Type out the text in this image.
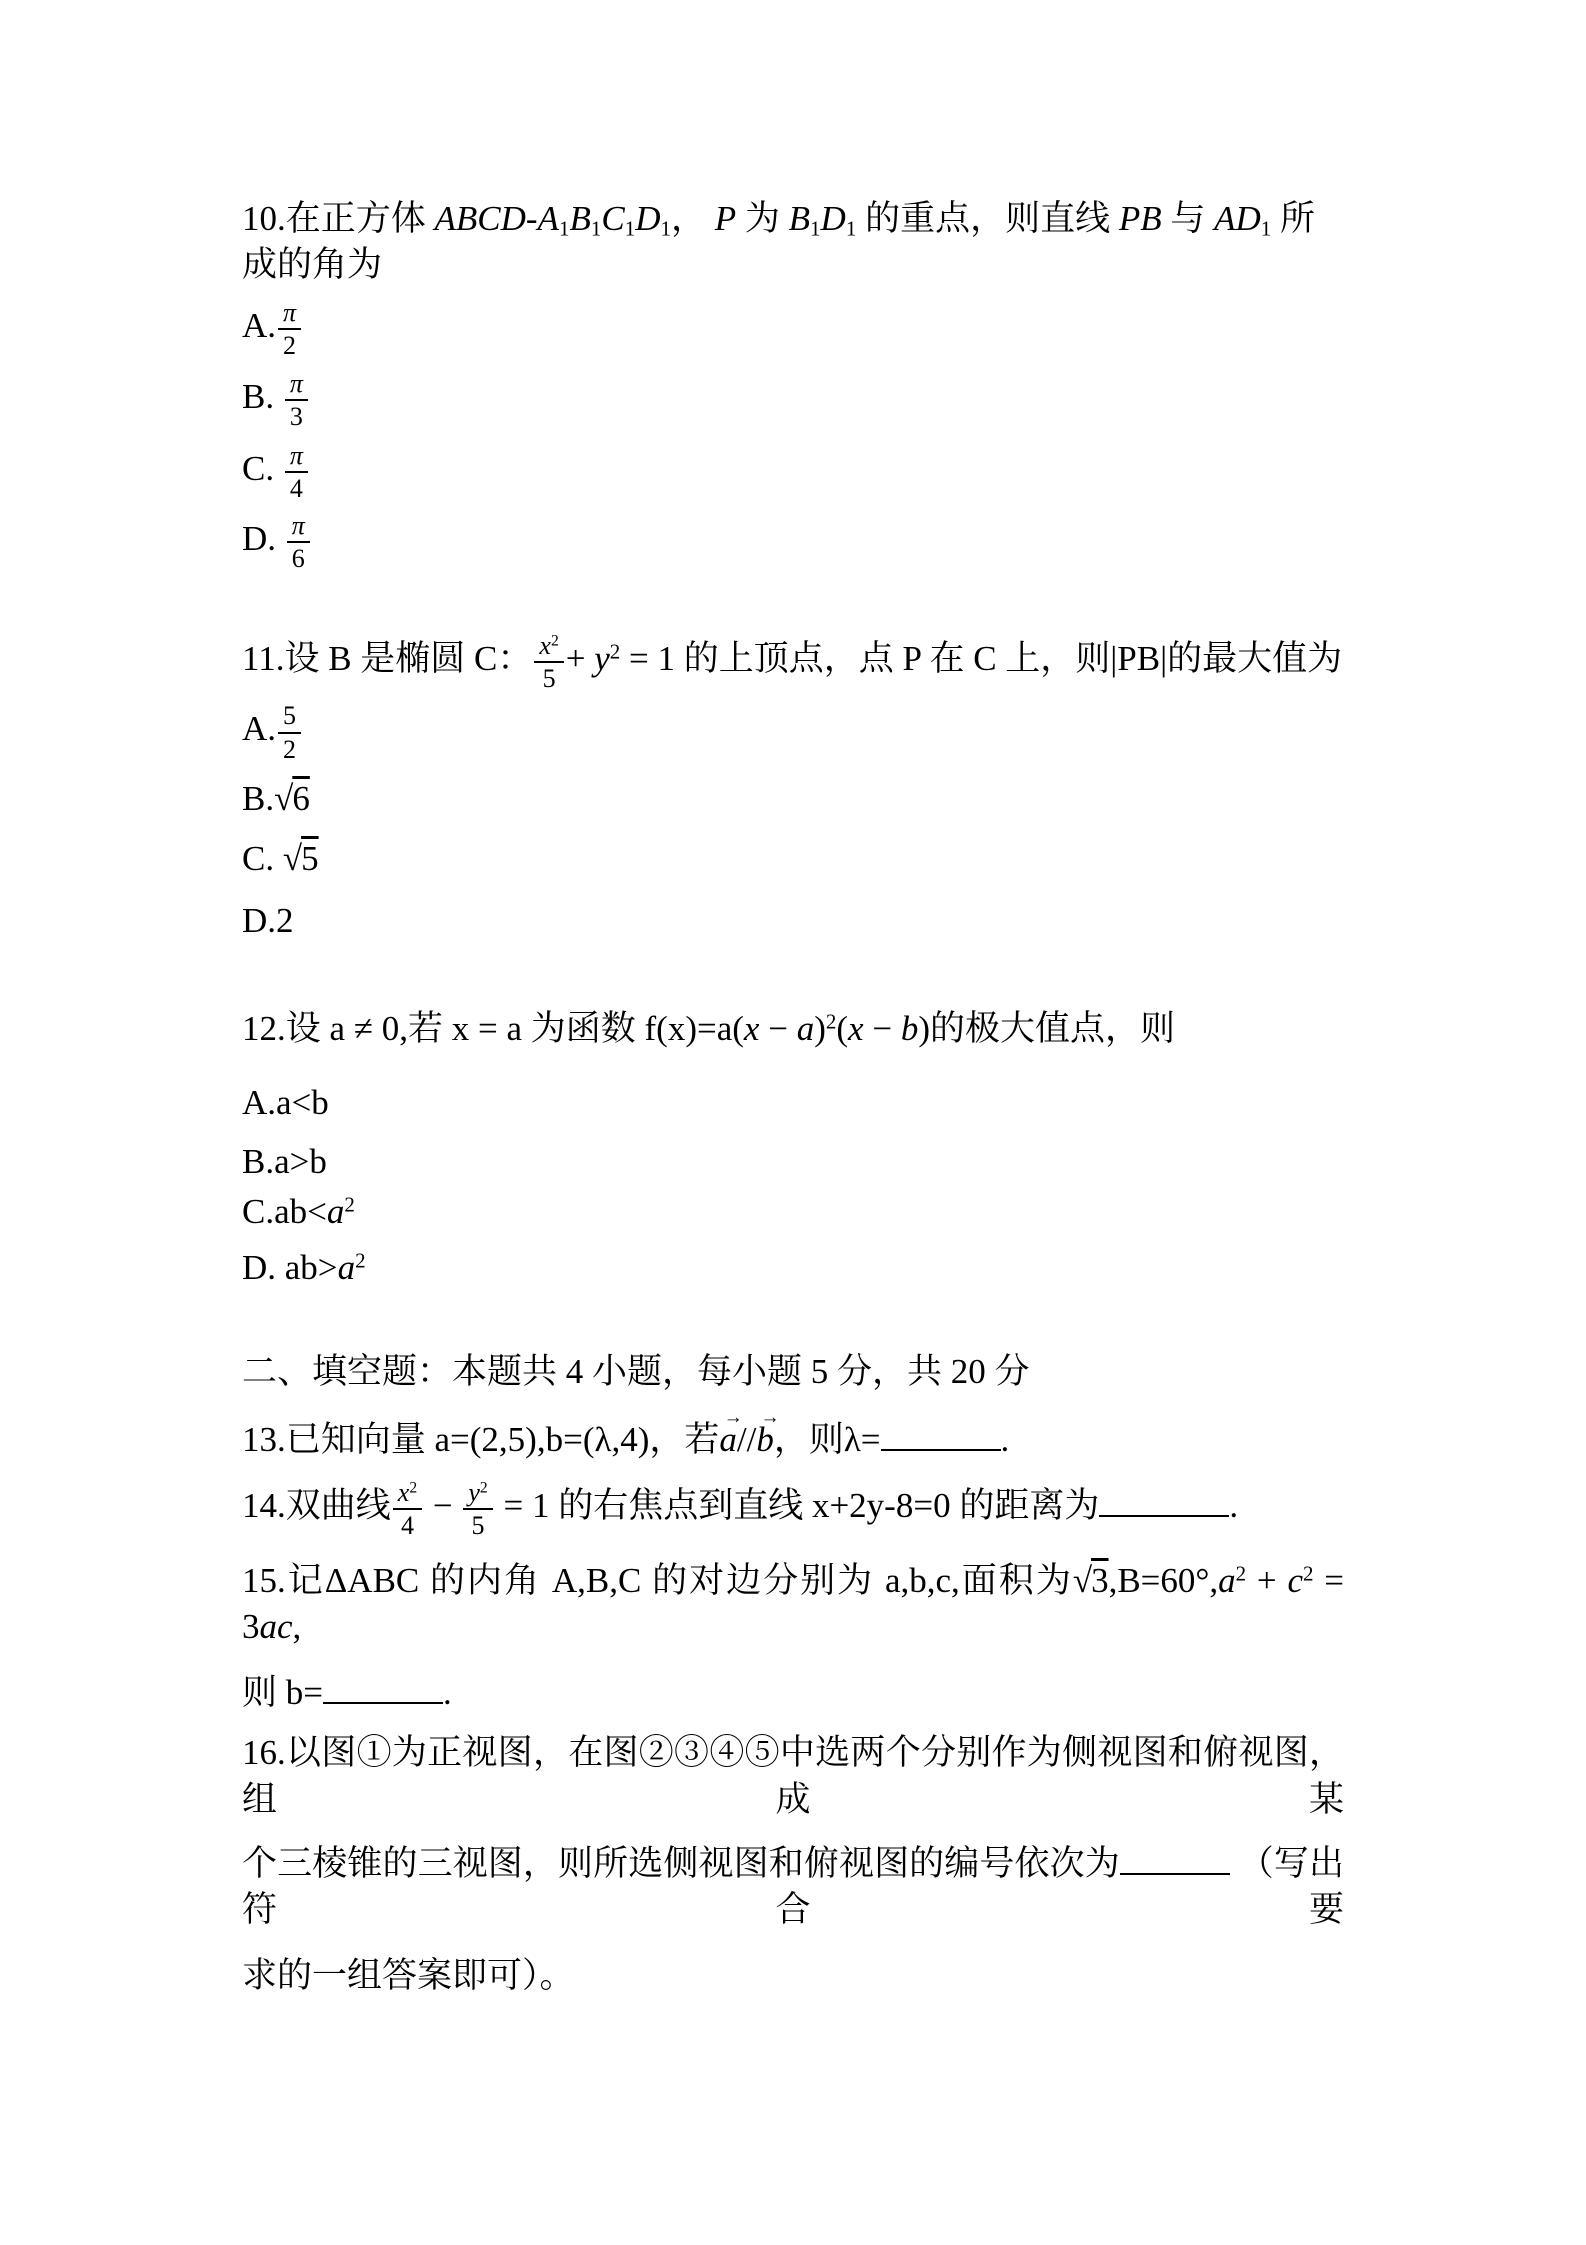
10.在正方体 ABCD-$A_1B_1C_1D_1$， P 为 $B_1D_1$ 的重点，则直线 PB 与 $AD_1$ 所成的角为
A. $\frac{\pi}{2}$
B. $\frac{\pi}{3}$
C. $\frac{\pi}{4}$
D. $\frac{\pi}{6}$
11.设 B 是椭圆 C： $\frac{x^2}{5} + y^2 = 1$ 的上顶点，点 P 在 C 上，则|PB|的最大值为
A. $\frac{5}{2}$
B.√6
C. √5
D.2
12.设 a ≠ 0,若 x = a 为函数 $f(x)=a(x - a)^2(x - b)$的极大值点，则
A.a<b
B.a>b
$C.ab<a^2$
D. $ab>a^2$
二、填空题：本题共 4 小题，每小题 5 分，共 20 分
13.已知向量 a=(2,5),b=(λ,4)，若
→
a//
→
b，则λ=	.
14.双曲线 $\frac{x^2}{4} - \frac{y^2}{5} = 1$ 的右焦点到直线 x+2y-8=0 的距离为	.
15.记ΔABC 的内角 A,B,C 的对边分别为 a,b,c,面积为$√3,B=60^\circ,a^2 + c^2 = 3ac$,
则 b=	.
16.以图①为正视图，在图②③④⑤中选两个分别作为侧视图和俯视图，组成某
个三棱锥的三视图，则所选侧视图和俯视图的编号依次为	（写出符合要
求的一组答案即可）。
